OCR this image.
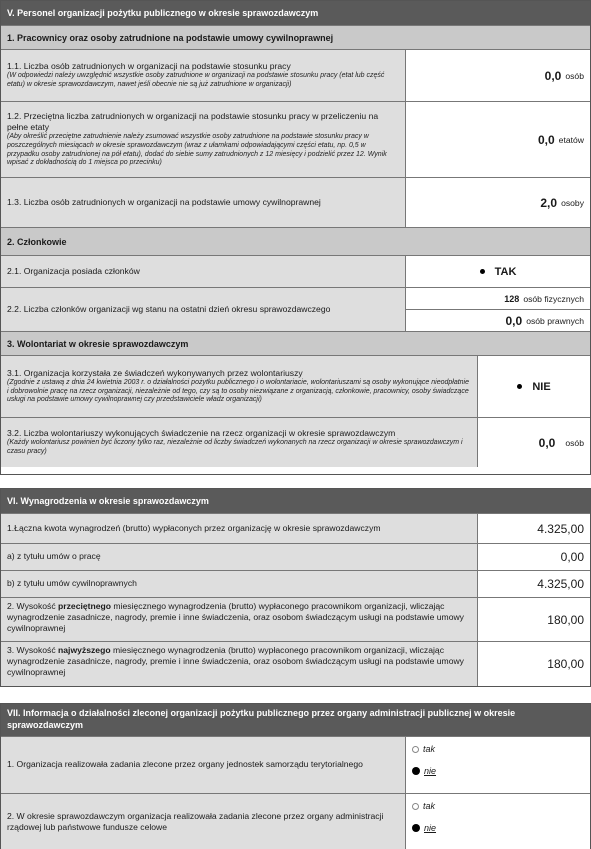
V. Personel organizacji pożytku publicznego w okresie sprawozdawczym
1. Pracownicy oraz osoby zatrudnione na podstawie umowy cywilnoprawnej
1.1. Liczba osób zatrudnionych w organizacji na podstawie stosunku pracy
(W odpowiedzi należy uwzględnić wszystkie osoby zatrudnione w organizacji na podstawie stosunku pracy (etat lub część etatu) w okresie sprawozdawczym, nawet jeśli obecnie nie są już zatrudnione w organizacji)
0,0 osób
1.2. Przeciętna liczba zatrudnionych w organizacji na podstawie stosunku pracy w przeliczeniu na pełne etaty
(Aby określić przeciętne zatrudnienie należy zsumować wszystkie osoby zatrudnione na podstawie stosunku pracy w poszczególnych miesiącach w okresie sprawozdawczym (wraz z ułamkami odpowiadającymi części etatu, np. 0,5 w przypadku osoby zatrudnionej na pół etatu), dodać do siebie sumy zatrudnionych z 12 miesięcy i podzielić przez 12. Wynik wpisać z dokładnością do 1 miejsca po przecinku)
0,0 etatów
1.3. Liczba osób zatrudnionych w organizacji na podstawie umowy cywilnoprawnej	2,0 osoby
2. Członkowie
2.1. Organizacja posiada członków	TAK
2.2. Liczba członków organizacji wg stanu na ostatni dzień okresu sprawozdawczego
128 osób fizycznych
0,0 osób prawnych
3. Wolontariat w okresie sprawozdawczym
3.1. Organizacja korzystała ze świadczeń wykonywanych przez wolontariuszy
(Zgodnie z ustawą z dnia 24 kwietnia 2003 r. o działalności pożytku publicznego i o wolontariacie, wolontariuszami są osoby wykonujące nieodpłatnie i dobrowolnie pracę na rzecz organizacji, niezależnie od tego, czy są to osoby niezwiązane z organizacją, członkowie, pracownicy, osoby świadczące usługi na podstawie umowy cywilnoprawnej czy przedstawiciele władz organizacji)
NIE
3.2. Liczba wolontariuszy wykonujących świadczenie na rzecz organizacji w okresie sprawozdawczym
(Każdy wolontariusz powinien być liczony tylko raz, niezależnie od liczby świadczeń wykonanych na rzecz organizacji w okresie sprawozdawczym i czasu pracy)
0,0 osób
VI. Wynagrodzenia w okresie sprawozdawczym
1.Łączna kwota wynagrodzeń (brutto) wypłaconych przez organizację w okresie sprawozdawczym	4.325,00
a) z tytułu umów o pracę	0,00
b) z tytułu umów cywilnoprawnych	4.325,00
2. Wysokość przeciętnego miesięcznego wynagrodzenia (brutto) wypłaconego pracownikom organizacji, wliczając wynagrodzenie zasadnicze, nagrody, premie i inne świadczenia, oraz osobom świadczącym usługi na podstawie umowy cywilnoprawnej
180,00
3. Wysokość najwyższego miesięcznego wynagrodzenia (brutto) wypłaconego pracownikom organizacji, wliczając wynagrodzenie zasadnicze, nagrody, premie i inne świadczenia, oraz osobom świadczącym usługi na podstawie umowy cywilnoprawnej
180,00
VII. Informacja o działalności zleconej organizacji pożytku publicznego przez organy administracji publicznej w okresie sprawozdawczym
1. Organizacja realizowała zadania zlecone przez organy jednostek samorządu terytorialnego
tak
nie
2. W okresie sprawozdawczym organizacja realizowała zadania zlecone przez organy administracji rządowej lub państwowe fundusze celowe
tak
nie
